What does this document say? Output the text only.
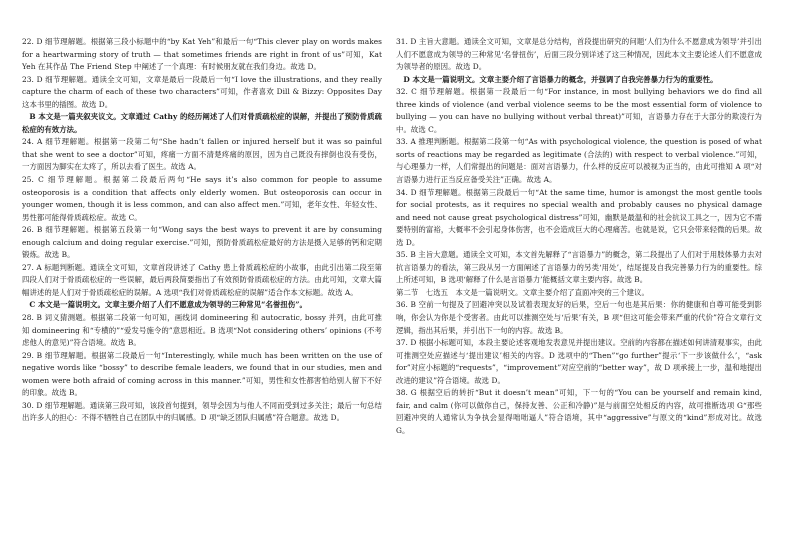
22. D 细节理解题。根据第三段小标题中的“by Kat Yeh”和最后一句“This clever play on words makes for a heartwarming story of truth — that sometimes friends are right in front of us”可知，Kat Yeh 在其作品 The Friend Step 中阐述了一个真理：有时候朋友就在我们身边。故选 D。

23. D 细节理解题。通读全文可知，文章是最后一段最后一句“I love the illustrations, and they really capture the charm of each of these two characters”可知，作者喜欢 Dill & Bizzy: Opposites Day 这本书里的插图。故选 D。

B 本文是一篇夹叙夹议文。文章通过 Cathy 的经历阐述了人们对骨质疏松症的误解，并提出了预防骨质疏松症的有效方法。

24. A 细节理解题。根据第一段第二句“She hadn’t fallen or injured herself but it was so painful that she went to see a doctor”可知，疼痛一方面不清楚疼痛的原因，因为自己既没有摔倒也没有受伤，一方面因为脚实在太疼了，所以去看了医生。故选 A。

25. C 细节理解题。根据第二段最后两句“He says it’s also common for people to assume osteoporosis is a condition that affects only elderly women. But osteoporosis can occur in younger women, though it is less common, and can also affect men.”可知，老年女性、年轻女性、男性都可能得骨质疏松症。故选 C。

26. B 细节理解题。根据第五段第一句“Wong says the best ways to prevent it are by consuming enough calcium and doing regular exercise.”可知，预防骨质疏松症最好的方法是摄入足够的钙和定期锻炼。故选 B。

27. A 标题判断题。通读全文可知，文章首段讲述了 Cathy 患上骨质疏松症的小故事，由此引出第二段至第四段人们对于骨质疏松症的一些误解，最后两段简要指出了有效预防骨质疏松症的方法。由此可知，文章大篇幅讲述的是人们对于骨质疏松症的误解。A 选项“我们对骨质疏松症的误解”适合作本文标题。故选 A。

C 本文是一篇说明文。文章主要介绍了人们不愿意成为领导的三种常见“名誉扭伤”。

28. B 词义猜测题。根据第二段第一句可知，画线词 domineering 和 autocratic, bossy 并列，由此可推知 domineering 和“专横的”“爱发号施令的”意思相近。B 选项“Not considering others’ opinions (不考虑他人的意见)”符合语境。故选 B。

29. B 细节理解题。根据第二段最后一句“Interestingly, while much has been written on the use of negative words like “bossy” to describe female leaders, we found that in our studies, men and women were both afraid of coming across in this manner.”可知，男性和女性都害怕给别人留下不好的印象。故选 B。

30. D 细节理解题。通读第三段可知，该段首句提到，领导会因为与他人不同而受到过多关注；最后一句总结出许多人的担心：不得不牺牲自己在团队中的归属感。D 项“缺乏团队归属感”符合题意。故选 D。

31. D 主旨大意题。通读全文可知，文章是总分结构，首段提出研究的问题‘人们为什么不愿意成为领导’并引出人们不愿意成为领导的三种常见‘名誉扭伤’，后面三段分别详述了这三种情况，因此本文主要论述人们不愿意成为领导者的原因。故选 D。

D 本文是一篇说明文。文章主要介绍了言语暴力的概念，并强调了自我完善暴力行为的重要性。

32. C 细节理解题。根据第一段最后一句“For instance, in most bullying behaviors we do find all three kinds of violence (and verbal violence seems to be the most essential form of violence to bullying — you can have no bullying without verbal threat)”可知，言语暴力存在于大部分的欺凌行为中。故选 C。

33. A 推理判断题。根据第二段第一句“As with psychological violence, the question is posed of what sorts of reactions may be regarded as legitimate (合法的) with respect to verbal violence.”可知，与心理暴力一样，人们常提出的问题是：面对言语暴力，什么样的反应可以被视为正当的，由此可推知 A 项“对言语暴力进行正当反应备受关注”正确。故选 A。

34. D 细节理解题。根据第三段最后一句“At the same time, humor is amongst the most gentle tools for social protests, as it requires no special wealth and probably causes no physical damage and need not cause great psychological distress”可知，幽默是最温和的社会抗议工具之一，因为它不需要特别的富裕，大概率不会引起身体伤害，也不会造成巨大的心理痛苦。也就是说，它只会带来轻微的后果。故选 D。

35. B 主旨大意题。通读全文可知，本文首先解释了“言语暴力”的概念，第二段提出了人们对于用肢体暴力去对抗言语暴力的看法，第三段从另一方面阐述了言语暴力的另类‘用处’，结尾提及自我完善暴力行为的重要性。综上所述可知，B 选项‘解释了什么是言语暴力’能概括文章主要内容。故选 B。

第二节　七选五　本文是一篇说明文。文章主要介绍了直面冲突的三个建议。

36. B 空前一句提及了回避冲突以及试着表现友好的后果，空后一句也是其后果：你的健康和自尊可能受到影响，你会认为你是个受害者。由此可以推测空处与‘后果’有关，B 项“但这可能会带来严重的代价”符合文章行文逻辑，指出其后果，并引出下一句的内容。故选 B。

37. D 根据小标题可知，本段主要论述客观地发表意见并提出建议。空前的内容都在描述如何讲清观事实，由此可推测空处应描述与‘提出建议’相关的内容。D 选项中的“Then”“go further”提示‘下一步该做什么’，“ask for”对应小标题的“requests”，“improvement”对应空前的“better way”，故 D 项承接上一步，温和地提出改进的建议”符合语境。故选 D。

38. G 根据空后的转折“But it doesn’t mean”可知，下一句的“You can be yourself and remain kind, fair, and calm (你可以做你自己，保持友善、公正和冷静)”是与前面空处相反的内容，故可推断选项 G“那些回避冲突的人通常认为争执会显得咄咄逼人”符合语境，其中“aggressive”与原文的“kind”形成对比。故选 G。
